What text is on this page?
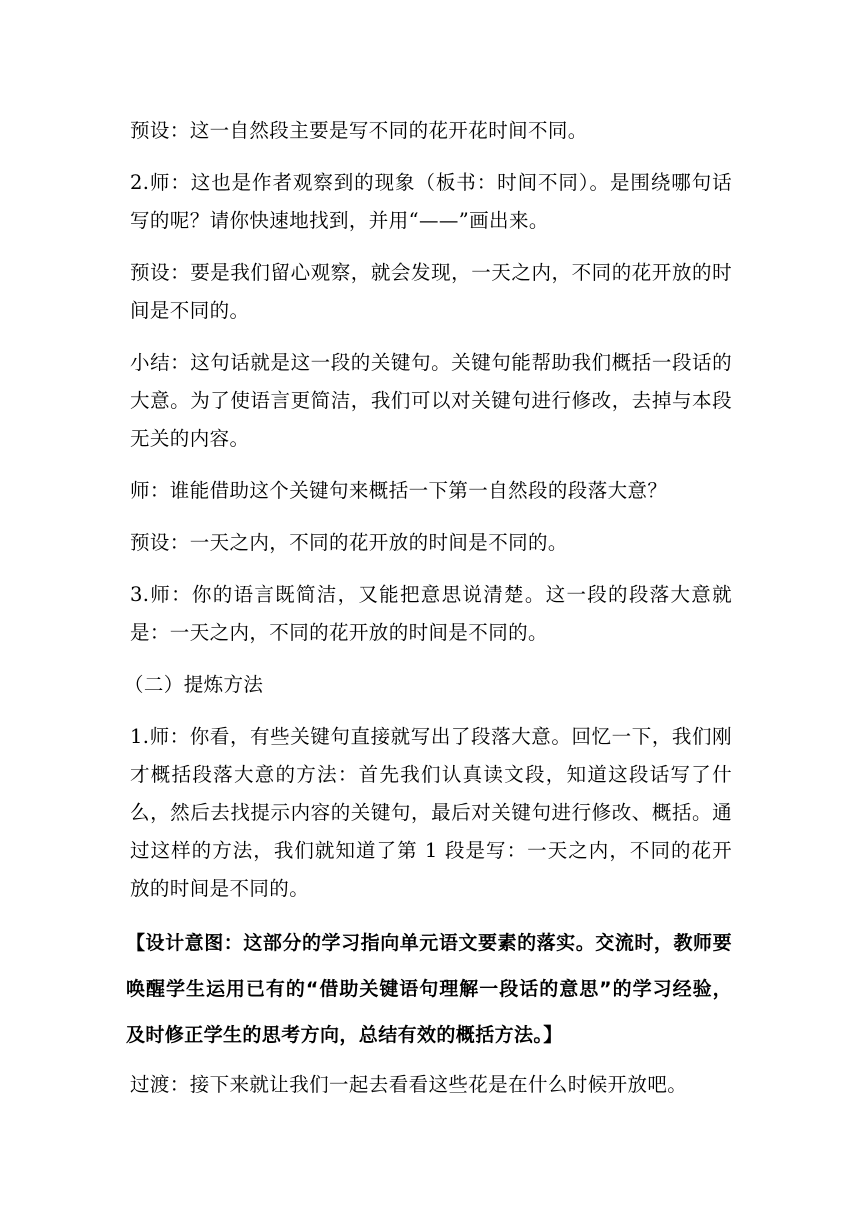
预设：这一自然段主要是写不同的花开花时间不同。

2.师：这也是作者观察到的现象（板书：时间不同）。是围绕哪句话写的呢？请你快速地找到，并用“——”画出来。

预设：要是我们留心观察，就会发现，一天之内，不同的花开放的时间是不同的。

小结：这句话就是这一段的关键句。关键句能帮助我们概括一段话的大意。为了使语言更简洁，我们可以对关键句进行修改，去掉与本段无关的内容。

师：谁能借助这个关键句来概括一下第一自然段的段落大意？

预设：一天之内，不同的花开放的时间是不同的。

3.师：你的语言既简洁，又能把意思说清楚。这一段的段落大意就是：一天之内，不同的花开放的时间是不同的。

（二）提炼方法

1.师：你看，有些关键句直接就写出了段落大意。回忆一下，我们刚才概括段落大意的方法：首先我们认真读文段，知道这段话写了什么，然后去找提示内容的关键句，最后对关键句进行修改、概括。通过这样的方法，我们就知道了第 1 段是写：一天之内，不同的花开放的时间是不同的。

【设计意图：这部分的学习指向单元语文要素的落实。交流时，教师要唤醒学生运用已有的“借助关键语句理解一段话的意思”的学习经验，及时修正学生的思考方向，总结有效的概括方法。】

过渡：接下来就让我们一起去看看这些花是在什么时候开放吧。
